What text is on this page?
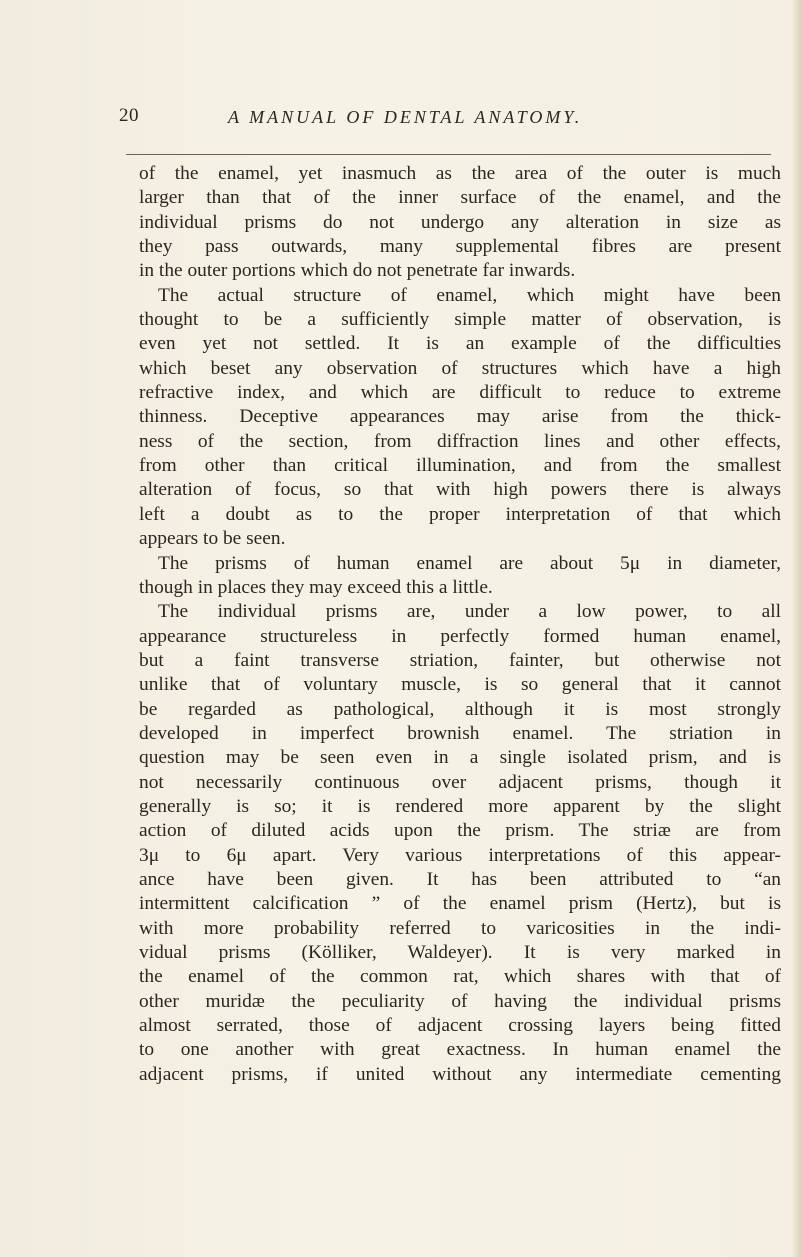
20	A MANUAL OF DENTAL ANATOMY.
of the enamel, yet inasmuch as the area of the outer is much
larger than that of the inner surface of the enamel, and the
individual prisms do not undergo any alteration in size as
they pass outwards, many supplemental fibres are present
in the outer portions which do not penetrate far inwards.
The actual structure of enamel, which might have been
thought to be a sufficiently simple matter of observation, is
even yet not settled. It is an example of the difficulties
which beset any observation of structures which have a high
refractive index, and which are difficult to reduce to extreme
thinness. Deceptive appearances may arise from the thick-
ness of the section, from diffraction lines and other effects,
from other than critical illumination, and from the smallest
alteration of focus, so that with high powers there is always
left a doubt as to the proper interpretation of that which
appears to be seen.
The prisms of human enamel are about 5μ in diameter,
though in places they may exceed this a little.
The individual prisms are, under a low power, to all
appearance structureless in perfectly formed human enamel,
but a faint transverse striation, fainter, but otherwise not
unlike that of voluntary muscle, is so general that it cannot
be regarded as pathological, although it is most strongly
developed in imperfect brownish enamel. The striation in
question may be seen even in a single isolated prism, and is
not necessarily continuous over adjacent prisms, though it
generally is so; it is rendered more apparent by the slight
action of diluted acids upon the prism. The striæ are from
3μ to 6μ apart. Very various interpretations of this appear-
ance have been given. It has been attributed to “an
intermittent calcification ” of the enamel prism (Hertz), but is
with more probability referred to varicosities in the indi-
vidual prisms (Kölliker, Waldeyer). It is very marked in
the enamel of the common rat, which shares with that of
other muridæ the peculiarity of having the individual prisms
almost serrated, those of adjacent crossing layers being fitted
to one another with great exactness. In human enamel the
adjacent prisms, if united without any intermediate cementing
